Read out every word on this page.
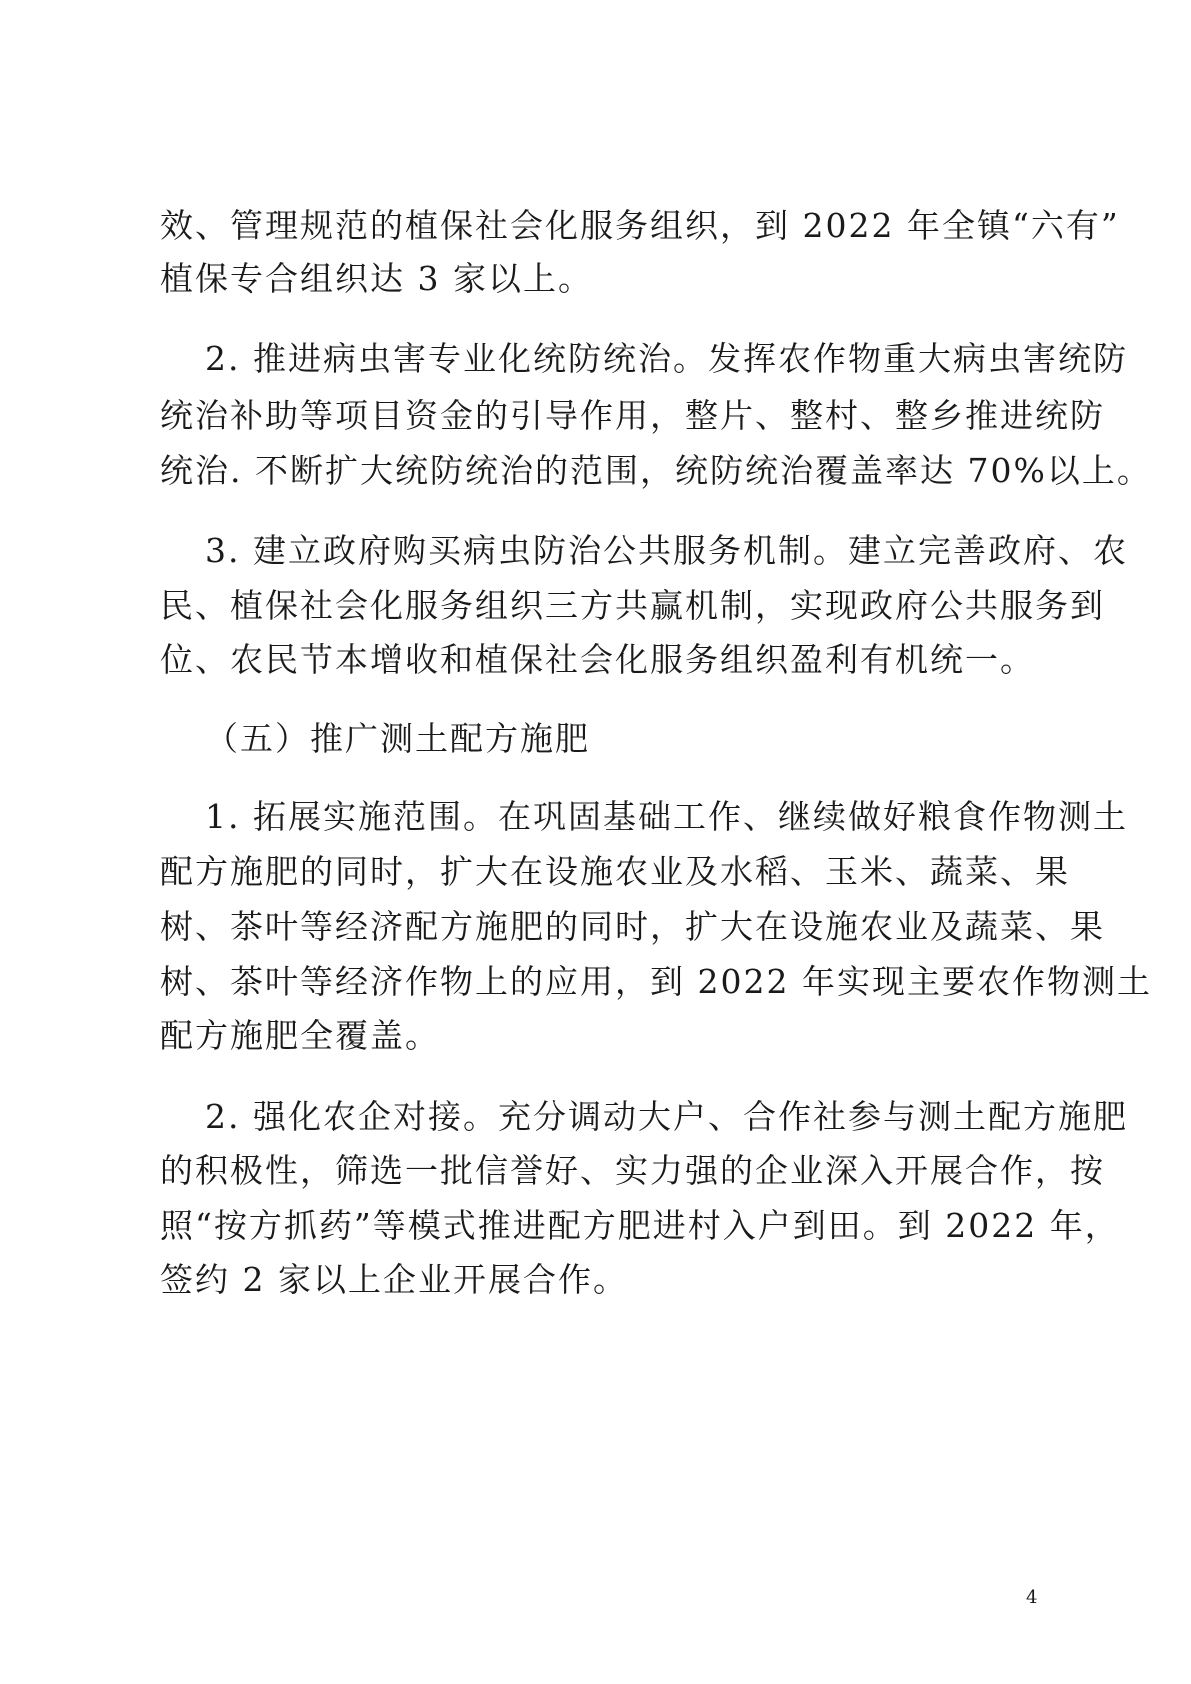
效、管理规范的植保社会化服务组织，到 2022 年全镇“六有”
植保专合组织达 3 家以上。
2. 推进病虫害专业化统防统治。发挥农作物重大病虫害统防
统治补助等项目资金的引导作用，整片、整村、整乡推进统防
统治. 不断扩大统防统治的范围，统防统治覆盖率达 70%以上。
3. 建立政府购买病虫防治公共服务机制。建立完善政府、农
民、植保社会化服务组织三方共赢机制，实现政府公共服务到
位、农民节本增收和植保社会化服务组织盈利有机统一。
（五）推广测土配方施肥
1. 拓展实施范围。在巩固基础工作、继续做好粮食作物测土
配方施肥的同时，扩大在设施农业及水稻、玉米、蔬菜、果
树、茶叶等经济配方施肥的同时，扩大在设施农业及蔬菜、果
树、茶叶等经济作物上的应用，到 2022 年实现主要农作物测土
配方施肥全覆盖。
2. 强化农企对接。充分调动大户、合作社参与测土配方施肥
的积极性，筛选一批信誉好、实力强的企业深入开展合作，按
照“按方抓药”等模式推进配方肥进村入户到田。到 2022 年，
签约 2 家以上企业开展合作。
4
